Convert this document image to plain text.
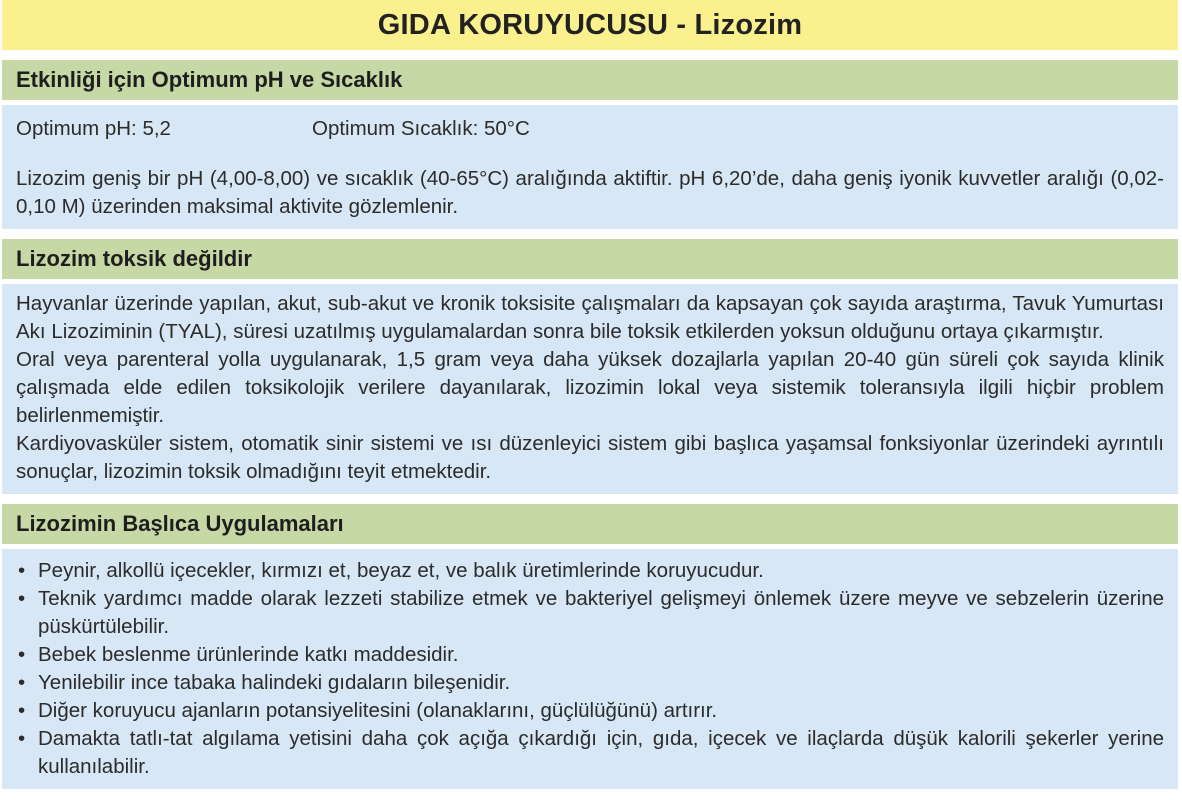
GIDA KORUYUCUSU - Lizozim
Etkinliği için Optimum pH ve Sıcaklık
Optimum pH: 5,2	Optimum Sıcaklık: 50°C

Lizozim geniş bir pH (4,00-8,00) ve sıcaklık (40-65°C) aralığında aktiftir. pH 6,20’de, daha geniş iyonik kuvvetler aralığı (0,02-0,10 M) üzerinden maksimal aktivite gözlemlenir.

Lizozim toksik değildir

Hayvanlar üzerinde yapılan, akut, sub-akut ve kronik toksisite çalışmaları da kapsayan çok sayıda araştırma, Tavuk Yumurtası Akı Lizoziminin (TYAL), süresi uzatılmış uygulamalardan sonra bile toksik etkilerden yoksun olduğunu ortaya çıkarmıştır.

Oral veya parenteral yolla uygulanarak, 1,5 gram veya daha yüksek dozajlarla yapılan 20-40 gün süreli çok sayıda klinik çalışmada elde edilen toksikolojik verilere dayanılarak, lizozimin lokal veya sistemik toleransıyla ilgili hiçbir problem belirlenmemiştir.

Kardiyovasküler sistem, otomatik sinir sistemi ve ısı düzenleyici sistem gibi başlıca yaşamsal fonksiyonlar üzerindeki ayrıntılı sonuçlar, lizozimin toksik olmadığını teyit etmektedir.

Lizozimin Başlıca Uygulamaları
• Peynir, alkollü içecekler, kırmızı et, beyaz et, ve balık üretimlerinde koruyucudur.
• Teknik yardımcı madde olarak lezzeti stabilize etmek ve bakteriyel gelişmeyi önlemek üzere meyve ve sebzelerin üzerine püskürtülebilir.
• Bebek beslenme ürünlerinde katkı maddesidir.
• Yenilebilir ince tabaka halindeki gıdaların bileşenidir.
• Diğer koruyucu ajanların potansiyelitesini (olanaklarını, güçlülüğünü) artırır.
• Damakta tatlı-tat algılama yetisini daha çok açığa çıkardığı için, gıda, içecek ve ilaçlarda düşük kalorili şekerler yerine kullanılabilir.
